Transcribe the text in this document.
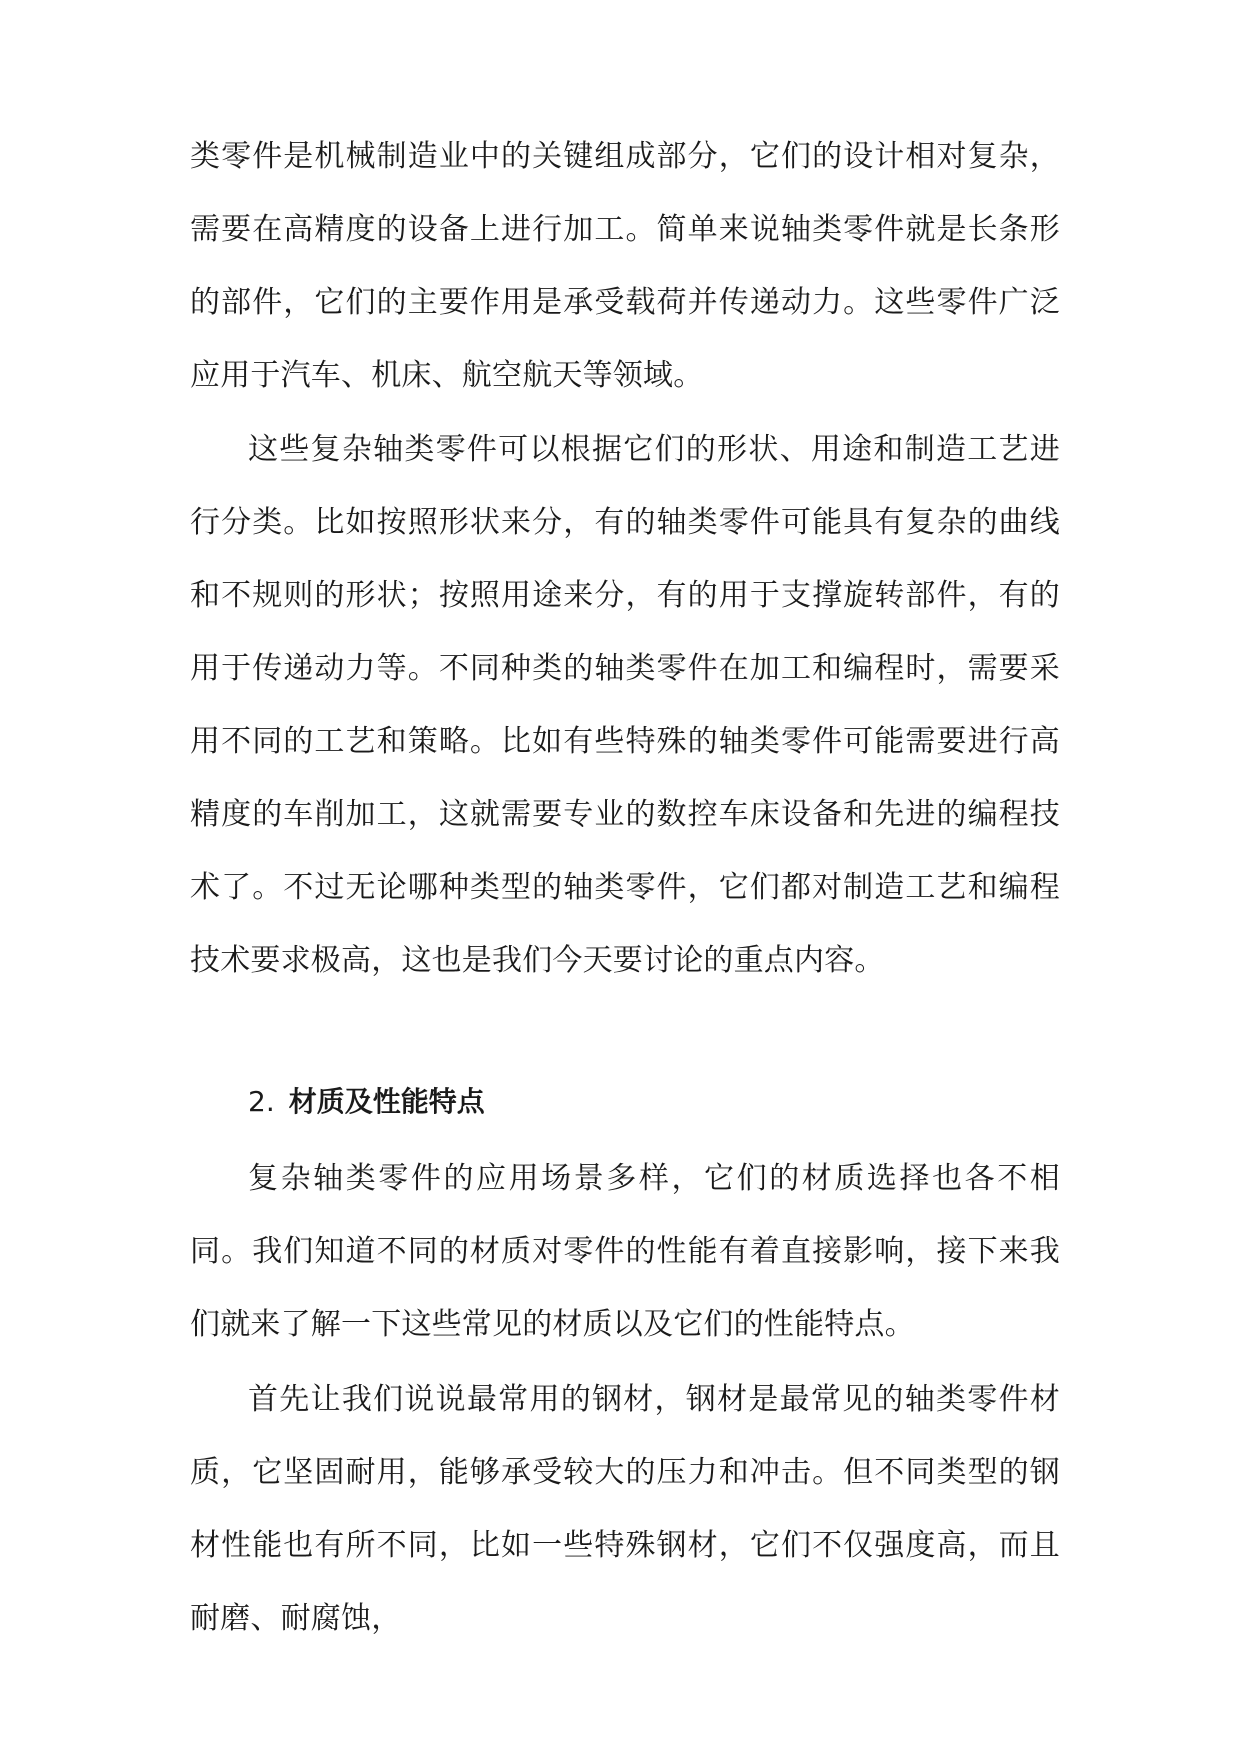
类零件是机械制造业中的关键组成部分，它们的设计相对复杂，需要在高精度的设备上进行加工。简单来说轴类零件就是长条形的部件，它们的主要作用是承受载荷并传递动力。这些零件广泛应用于汽车、机床、航空航天等领域。

这些复杂轴类零件可以根据它们的形状、用途和制造工艺进行分类。比如按照形状来分，有的轴类零件可能具有复杂的曲线和不规则的形状；按照用途来分，有的用于支撑旋转部件，有的用于传递动力等。不同种类的轴类零件在加工和编程时，需要采用不同的工艺和策略。比如有些特殊的轴类零件可能需要进行高精度的车削加工，这就需要专业的数控车床设备和先进的编程技术了。不过无论哪种类型的轴类零件，它们都对制造工艺和编程技术要求极高，这也是我们今天要讨论的重点内容。

2. 材质及性能特点

复杂轴类零件的应用场景多样，它们的材质选择也各不相同。我们知道不同的材质对零件的性能有着直接影响，接下来我们就来了解一下这些常见的材质以及它们的性能特点。

首先让我们说说最常用的钢材，钢材是最常见的轴类零件材质，它坚固耐用，能够承受较大的压力和冲击。但不同类型的钢材性能也有所不同，比如一些特殊钢材，它们不仅强度高，而且耐磨、耐腐蚀，
